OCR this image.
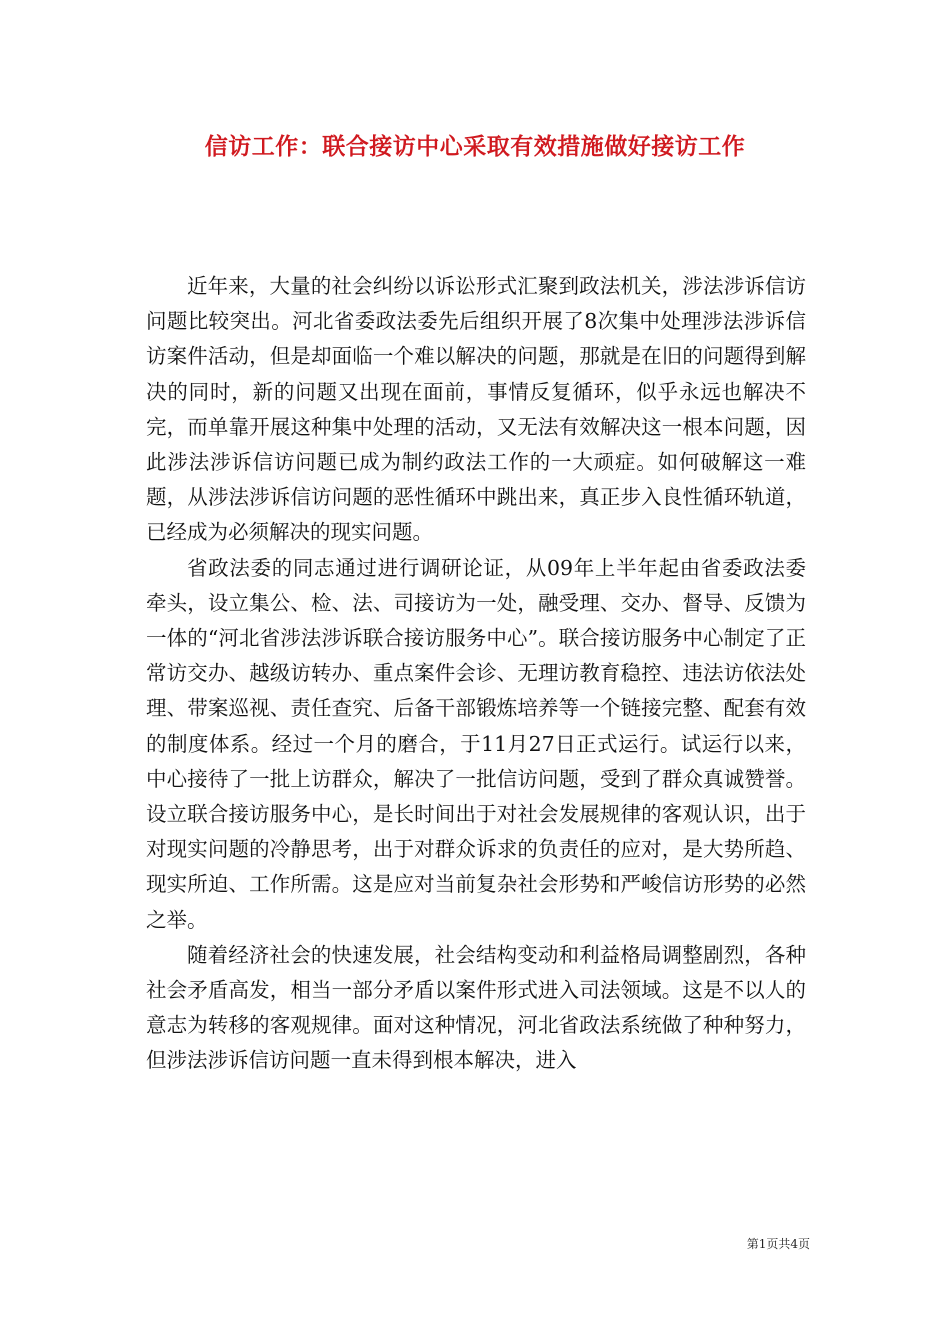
信访工作：联合接访中心采取有效措施做好接访工作

近年来，大量的社会纠纷以诉讼形式汇聚到政法机关，涉法涉诉信访问题比较突出。河北省委政法委先后组织开展了8次集中处理涉法涉诉信访案件活动，但是却面临一个难以解决的问题，那就是在旧的问题得到解决的同时，新的问题又出现在面前，事情反复循环，似乎永远也解决不完，而单靠开展这种集中处理的活动，又无法有效解决这一根本问题，因此涉法涉诉信访问题已成为制约政法工作的一大顽症。如何破解这一难题，从涉法涉诉信访问题的恶性循环中跳出来，真正步入良性循环轨道，已经成为必须解决的现实问题。

省政法委的同志通过进行调研论证，从09年上半年起由省委政法委牵头，设立集公、检、法、司接访为一处，融受理、交办、督导、反馈为一体的“河北省涉法涉诉联合接访服务中心”。联合接访服务中心制定了正常访交办、越级访转办、重点案件会诊、无理访教育稳控、违法访依法处理、带案巡视、责任查究、后备干部锻炼培养等一个链接完整、配套有效的制度体系。经过一个月的磨合，于11月27日正式运行。试运行以来，中心接待了一批上访群众，解决了一批信访问题，受到了群众真诚赞誉。设立联合接访服务中心，是长时间出于对社会发展规律的客观认识，出于对现实问题的冷静思考，出于对群众诉求的负责任的应对，是大势所趋、现实所迫、工作所需。这是应对当前复杂社会形势和严峻信访形势的必然之举。

随着经济社会的快速发展，社会结构变动和利益格局调整剧烈，各种社会矛盾高发，相当一部分矛盾以案件形式进入司法领域。这是不以人的意志为转移的客观规律。面对这种情况，河北省政法系统做了种种努力，但涉法涉诉信访问题一直未得到根本解决，进入

第1页共4页
